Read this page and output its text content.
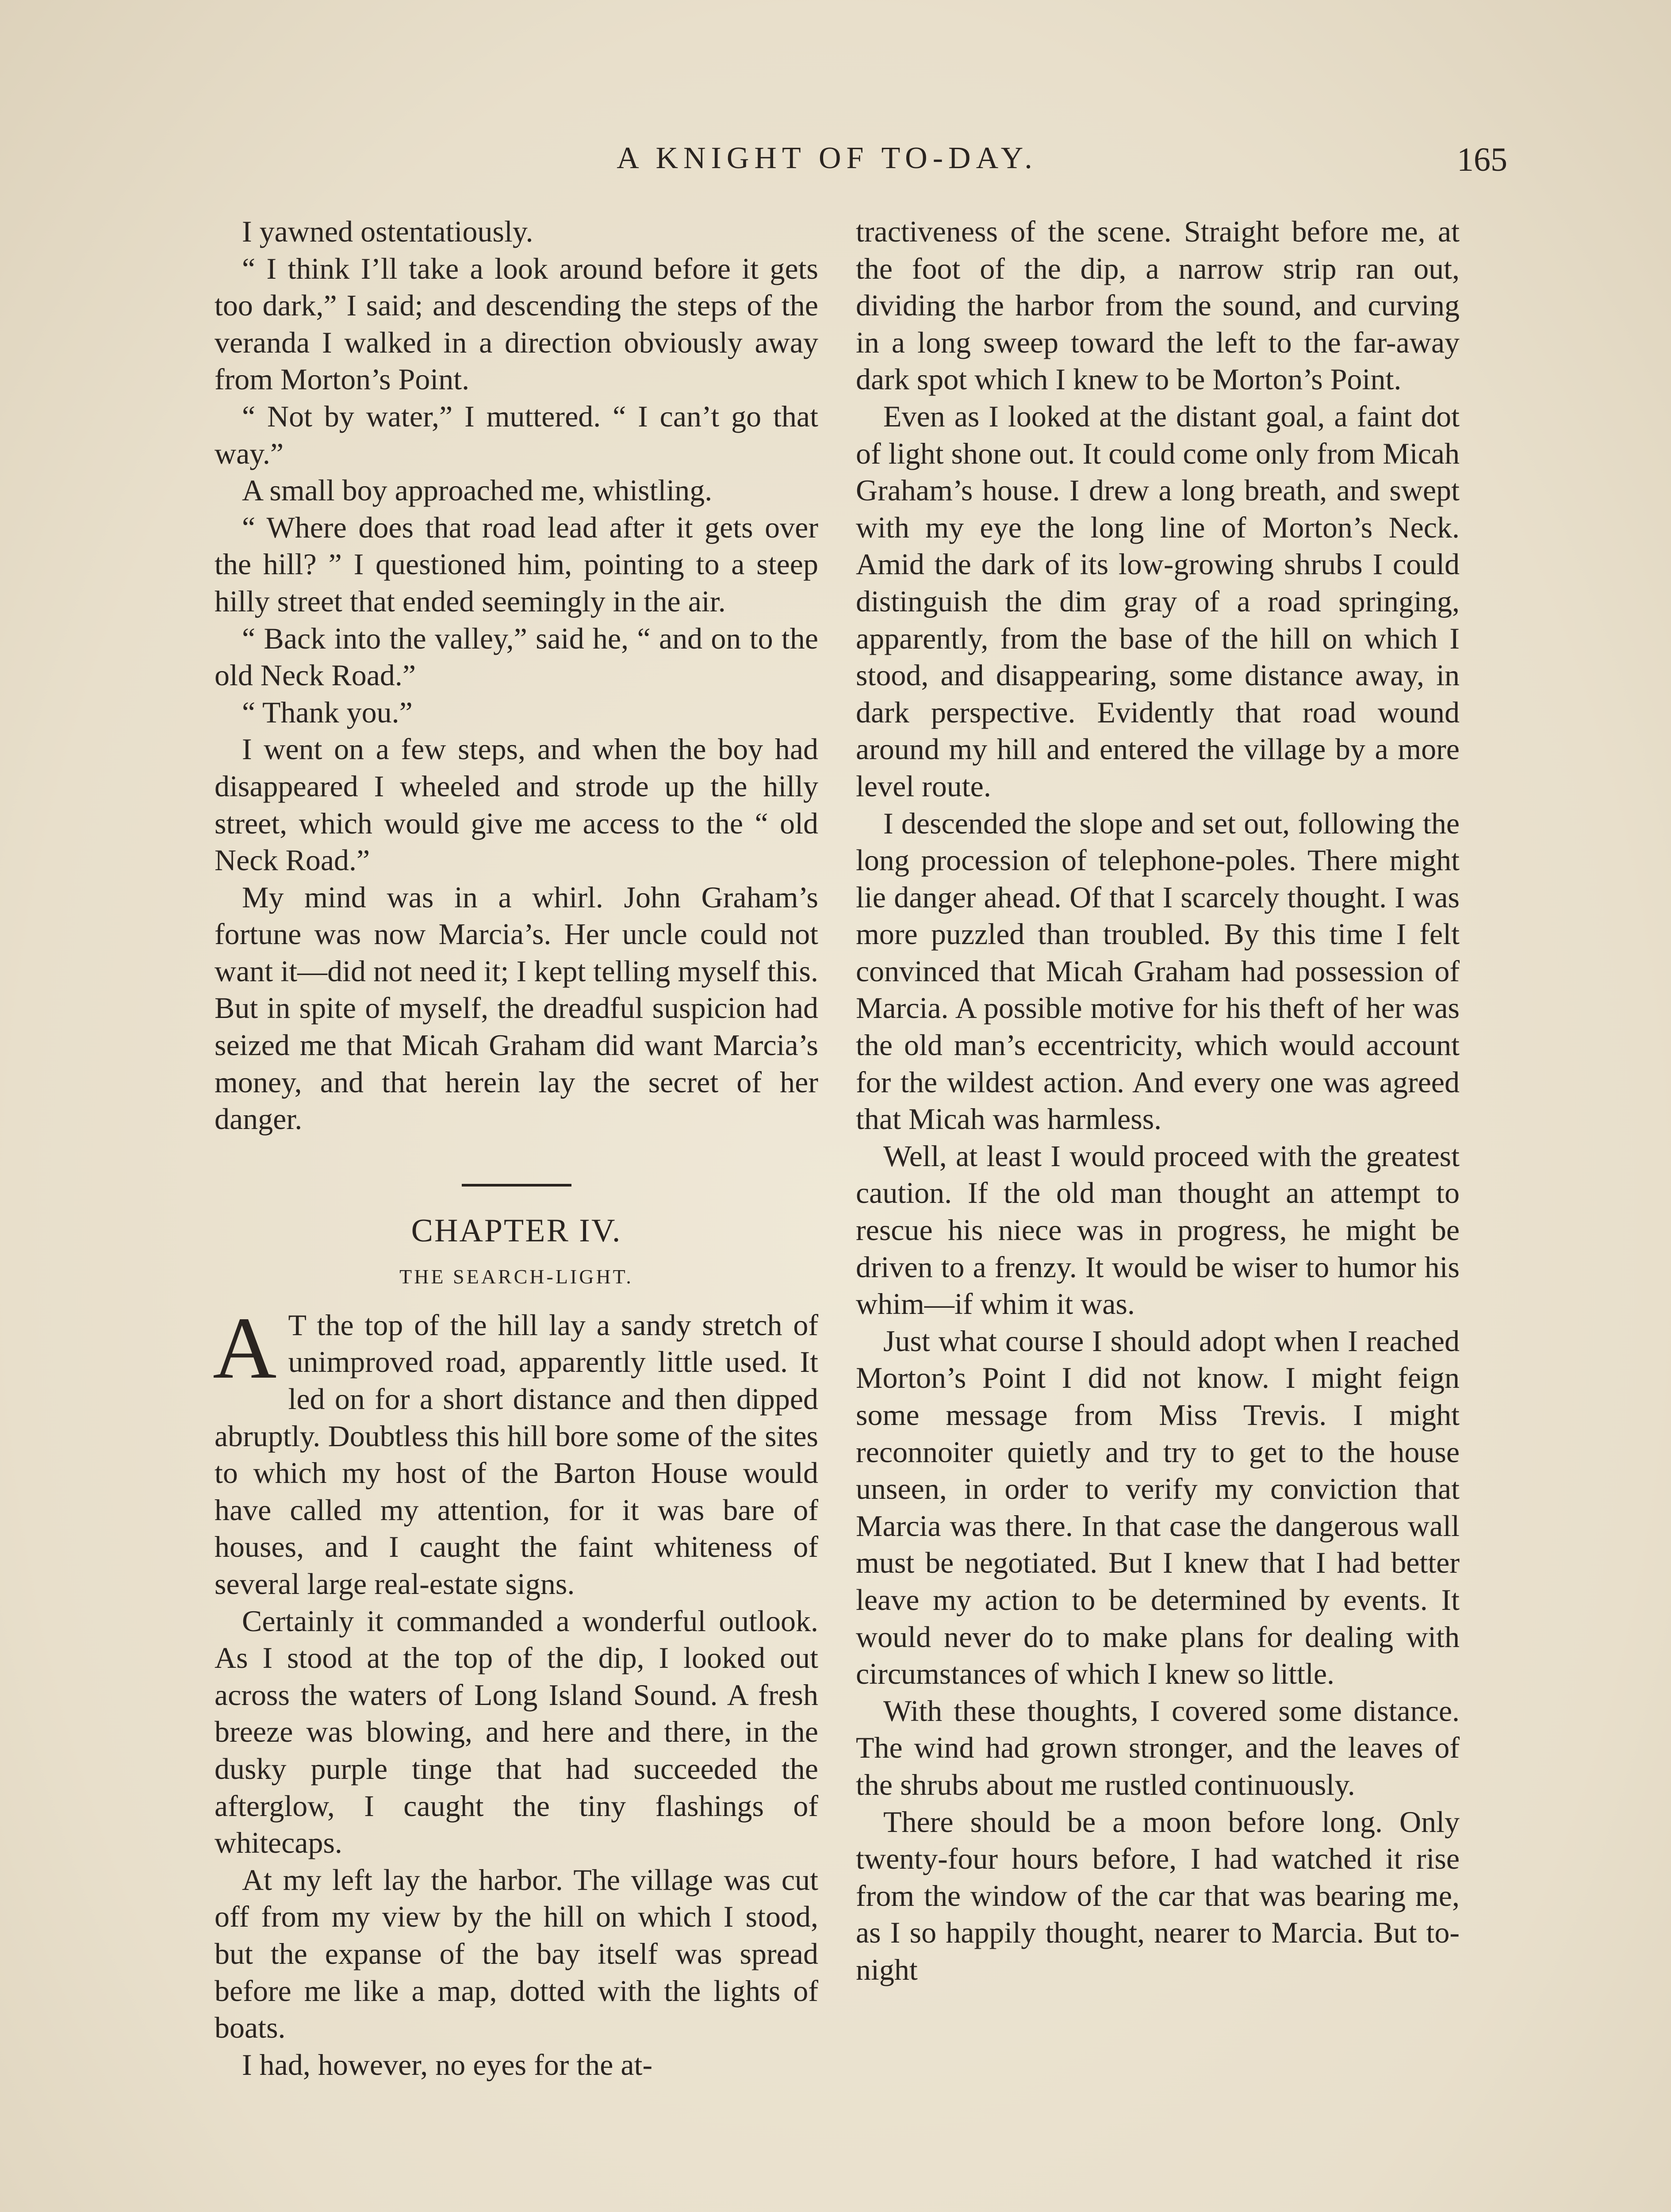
A KNIGHT OF TO-DAY.	165

I yawned ostentatiously.

“ I think I’ll take a look around before it gets too dark,” I said; and descending the steps of the veranda I walked in a direction obviously away from Morton’s Point.

“ Not by water,” I muttered. “ I can’t go that way.”

A small boy approached me, whistling.

“ Where does that road lead after it gets over the hill? ” I questioned him, pointing to a steep hilly street that ended seemingly in the air.

“ Back into the valley,” said he, “ and on to the old Neck Road.”

“ Thank you.”

I went on a few steps, and when the boy had disappeared I wheeled and strode up the hilly street, which would give me access to the “ old Neck Road.”

My mind was in a whirl. John Graham’s fortune was now Marcia’s. Her uncle could not want it—did not need it; I kept telling myself this. But in spite of myself, the dreadful suspicion had seized me that Micah Graham did want Marcia’s money, and that herein lay the secret of her danger.

CHAPTER IV.
THE SEARCH-LIGHT.

A T the top of the hill lay a sandy stretch of unimproved road, apparently little used. It led on for a short distance and then dipped abruptly. Doubtless this hill bore some of the sites to which my host of the Barton House would have called my attention, for it was bare of houses, and I caught the faint whiteness of several large real-estate signs.

Certainly it commanded a wonderful outlook. As I stood at the top of the dip, I looked out across the waters of Long Island Sound. A fresh breeze was blowing, and here and there, in the dusky purple tinge that had succeeded the afterglow, I caught the tiny flashings of whitecaps.

At my left lay the harbor. The village was cut off from my view by the hill on which I stood, but the expanse of the bay itself was spread before me like a map, dotted with the lights of boats.

I had, however, no eyes for the at-

tractiveness of the scene. Straight before me, at the foot of the dip, a narrow strip ran out, dividing the harbor from the sound, and curving in a long sweep toward the left to the far-away dark spot which I knew to be Morton’s Point.

Even as I looked at the distant goal, a faint dot of light shone out. It could come only from Micah Graham’s house. I drew a long breath, and swept with my eye the long line of Morton’s Neck. Amid the dark of its low-growing shrubs I could distinguish the dim gray of a road springing, apparently, from the base of the hill on which I stood, and disappearing, some distance away, in dark perspective. Evidently that road wound around my hill and entered the village by a more level route.

I descended the slope and set out, following the long procession of telephone-poles. There might lie danger ahead. Of that I scarcely thought. I was more puzzled than troubled. By this time I felt convinced that Micah Graham had possession of Marcia. A possible motive for his theft of her was the old man’s eccentricity, which would account for the wildest action. And every one was agreed that Micah was harmless.

Well, at least I would proceed with the greatest caution. If the old man thought an attempt to rescue his niece was in progress, he might be driven to a frenzy. It would be wiser to humor his whim—if whim it was.

Just what course I should adopt when I reached Morton’s Point I did not know. I might feign some message from Miss Trevis. I might reconnoiter quietly and try to get to the house unseen, in order to verify my conviction that Marcia was there. In that case the dangerous wall must be negotiated. But I knew that I had better leave my action to be determined by events. It would never do to make plans for dealing with circumstances of which I knew so little.

With these thoughts, I covered some distance. The wind had grown stronger, and the leaves of the shrubs about me rustled continuously.

There should be a moon before long. Only twenty-four hours before, I had watched it rise from the window of the car that was bearing me, as I so happily thought, nearer to Marcia. But to-night
